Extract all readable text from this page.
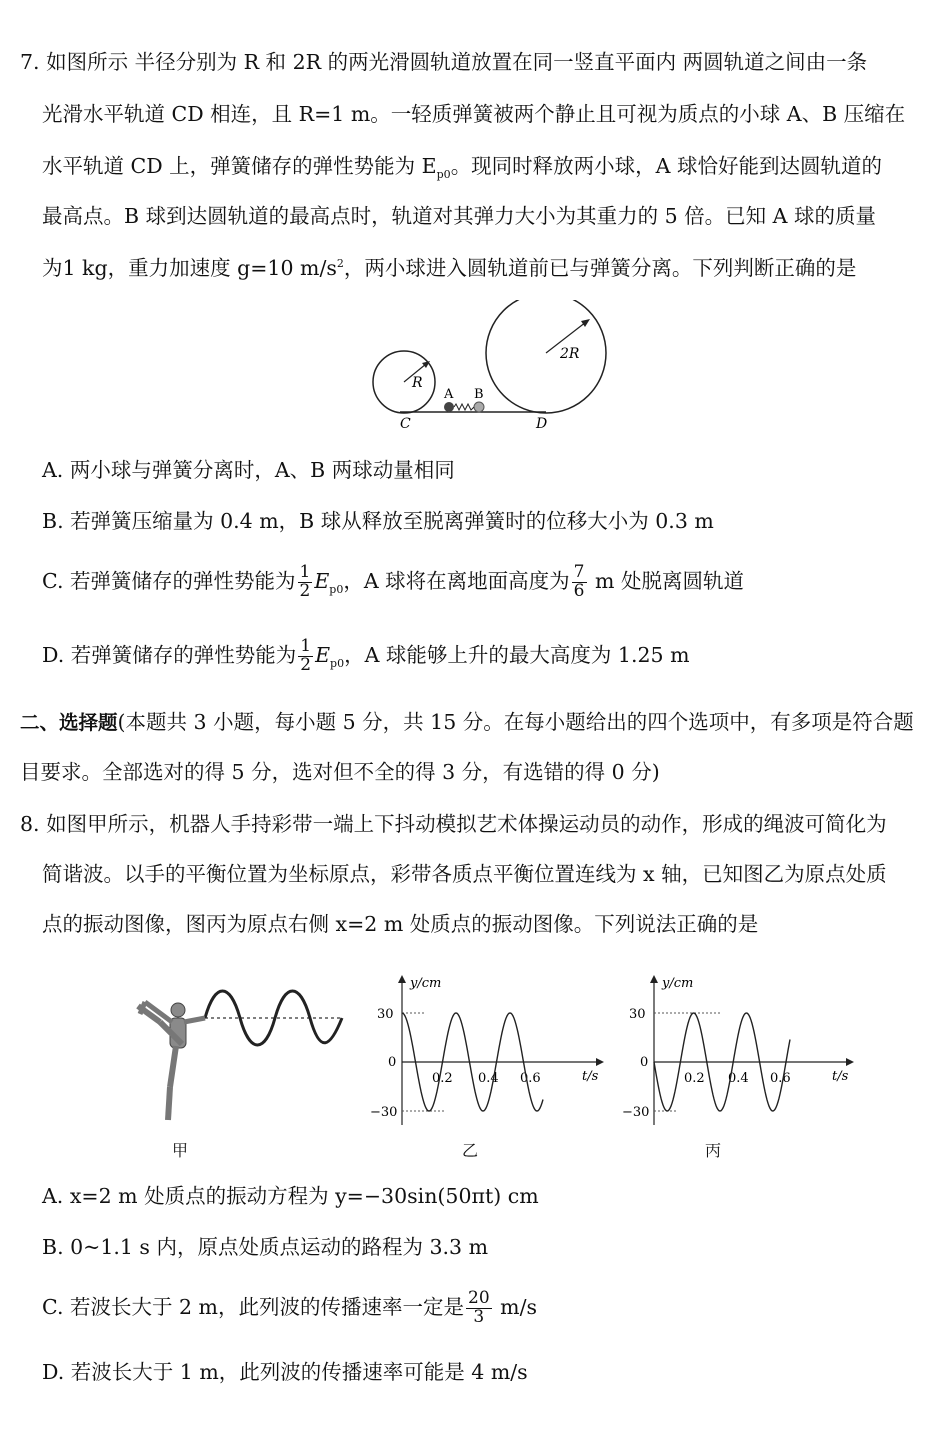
7. 如图所示 半径分别为 R 和 2R 的两光滑圆轨道放置在同一竖直平面内 两圆轨道之间由一条
光滑水平轨道 CD 相连，且 R=1 m。一轻质弹簧被两个静止且可视为质点的小球 A、B 压缩在
水平轨道 CD 上，弹簧储存的弹性势能为 $E_{p0}$。现同时释放两小球，A 球恰好能到达圆轨道的
最高点。B 球到达圆轨道的最高点时，轨道对其弹力大小为其重力的 5 倍。已知 A 球的质量
为1 kg，重力加速度 g=10 $m/s^2$，两小球进入圆轨道前已与弹簧分离。下列判断正确的是
R
2R
A B
C	D
A. 两小球与弹簧分离时，A、B 两球动量相同
B. 若弹簧压缩量为 0.4 m，B 球从释放至脱离弹簧时的位移大小为 0.3 m
C. 若弹簧储存的弹性势能为 $\frac{1}{2} E_{p0}$，A 球将在离地面高度为 $\frac{7}{6}$ m 处脱离圆轨道
D. 若弹簧储存的弹性势能为 $\frac{1}{2} E_{p0}$，A 球能够上升的最大高度为 1.25 m
二、选择题(本题共 3 小题，每小题 5 分，共 15 分。在每小题给出的四个选项中，有多项是符合题
目要求。全部选对的得 5 分，选对但不全的得 3 分，有选错的得 0 分)
8. 如图甲所示，机器人手持彩带一端上下抖动模拟艺术体操运动员的动作，形成的绳波可简化为
简谐波。以手的平衡位置为坐标原点，彩带各质点平衡位置连线为 x 轴，已知图乙为原点处质
点的振动图像，图丙为原点右侧 x=2 m 处质点的振动图像。下列说法正确的是
甲
y/cm
t/s
30
0
−30
0.2 0.4 0.6
乙
y/cm
t/s
30
0
−30
0.2 0.4 0.6
丙
A. x=2 m 处质点的振动方程为 y=−30sin(50πt) cm
B. 0~1.1 s 内，原点处质点运动的路程为 3.3 m
C. 若波长大于 2 m，此列波的传播速率一定是 $\frac{20}{3} m/s$
D. 若波长大于 1 m，此列波的传播速率可能是 4 m/s
